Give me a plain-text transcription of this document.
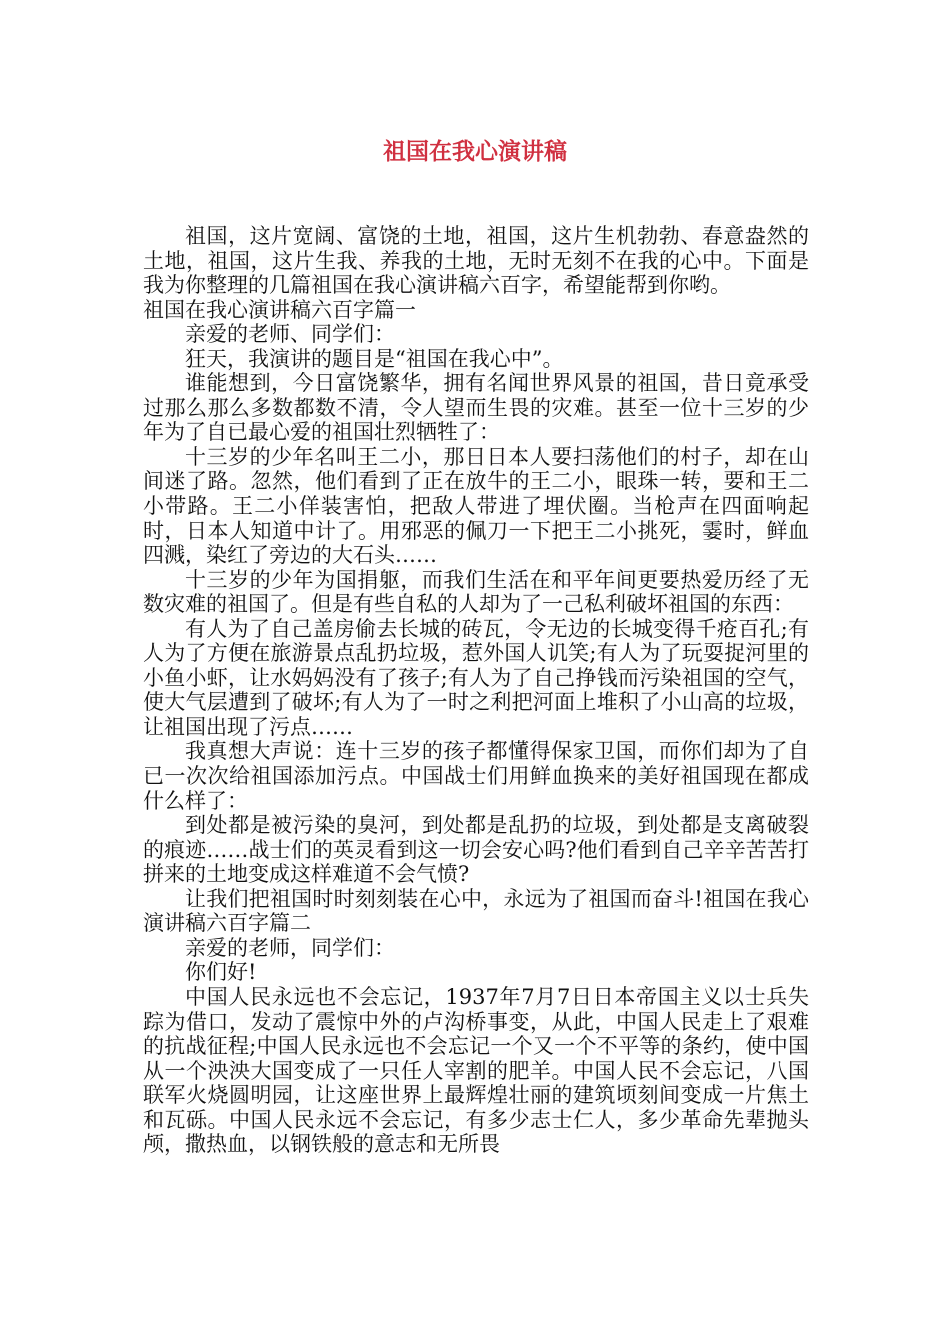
祖国在我心演讲稿

祖国，这片宽阔、富饶的土地，祖国，这片生机勃勃、春意盎然的土地，祖国，这片生我、养我的土地，无时无刻不在我的心中。下面是我为你整理的几篇祖国在我心演讲稿六百字，希望能帮到你哟。

祖国在我心演讲稿六百字篇一

亲爱的老师、同学们：

狂天，我演讲的题目是“祖国在我心中”。

谁能想到，今日富饶繁华，拥有名闻世界风景的祖国，昔日竟承受过那么那么多数都数不清，令人望而生畏的灾难。甚至一位十三岁的少年为了自已最心爱的祖国壮烈牺牲了：

十三岁的少年名叫王二小，那日日本人要扫荡他们的村子，却在山间迷了路。忽然，他们看到了正在放牛的王二小，眼珠一转，要和王二小带路。王二小佯装害怕，把敌人带进了埋伏圈。当枪声在四面响起时，日本人知道中计了。用邪恶的佩刀一下把王二小挑死，霎时，鲜血四溅，染红了旁边的大石头……

十三岁的少年为国捐躯，而我们生活在和平年间更要热爱历经了无数灾难的祖国了。但是有些自私的人却为了一己私利破坏祖国的东西：

有人为了自己盖房偷去长城的砖瓦，令无边的长城变得千疮百孔;有人为了方便在旅游景点乱扔垃圾，惹外国人讥笑;有人为了玩耍捉河里的小鱼小虾，让水妈妈没有了孩子;有人为了自己挣钱而污染祖国的空气，使大气层遭到了破坏;有人为了一时之利把河面上堆积了小山高的垃圾，让祖国出现了污点……

我真想大声说：连十三岁的孩子都懂得保家卫国，而你们却为了自已一次次给祖国添加污点。中国战士们用鲜血换来的美好祖国现在都成什么样了：

到处都是被污染的臭河，到处都是乱扔的垃圾，到处都是支离破裂的痕迹……战士们的英灵看到这一切会安心吗?他们看到自己辛辛苦苦打拼来的土地变成这样难道不会气愤?

让我们把祖国时时刻刻装在心中，永远为了祖国而奋斗!祖国在我心演讲稿六百字篇二

亲爱的老师，同学们：

你们好!

中国人民永远也不会忘记，1937年7月7日日本帝国主义以士兵失踪为借口，发动了震惊中外的卢沟桥事变，从此，中国人民走上了艰难的抗战征程;中国人民永远也不会忘记一个又一个不平等的条约，使中国从一个泱泱大国变成了一只任人宰割的肥羊。中国人民不会忘记，八国联军火烧圆明园，让这座世界上最辉煌壮丽的建筑顷刻间变成一片焦土和瓦砾。中国人民永远不会忘记，有多少志士仁人，多少革命先辈抛头颅，撒热血，以钢铁般的意志和无所畏
